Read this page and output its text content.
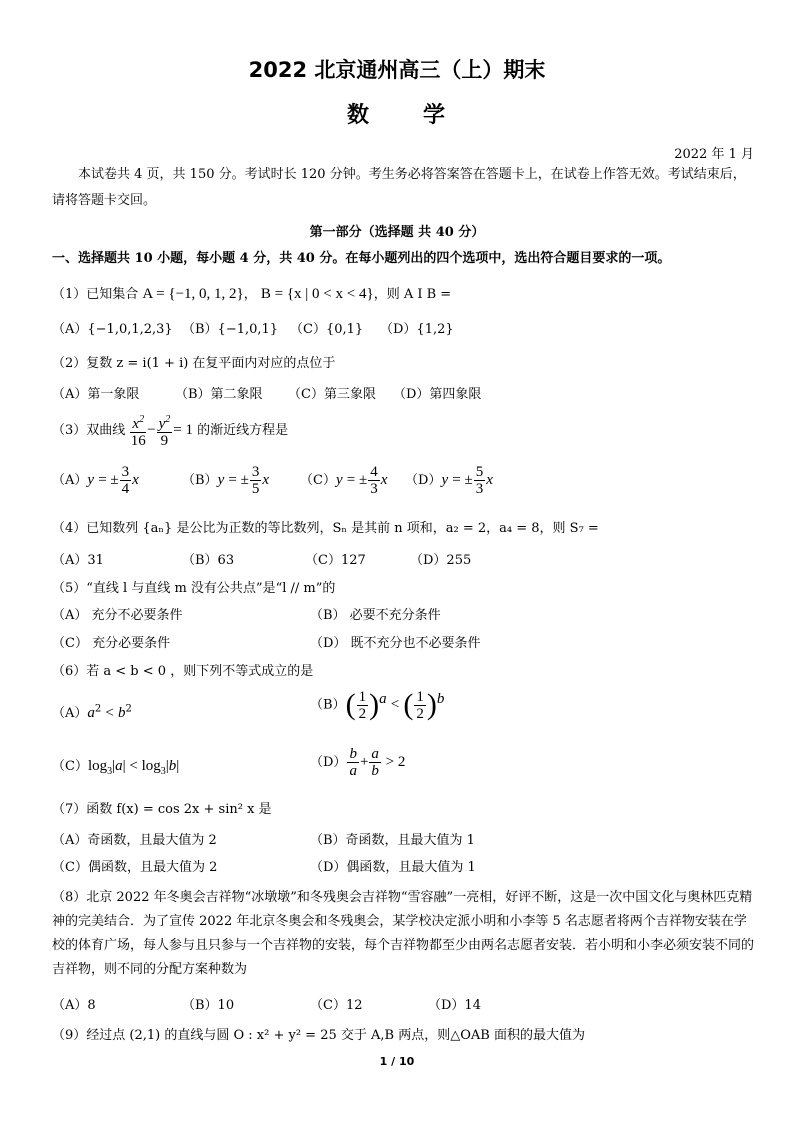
2022 北京通州高三（上）期末
数 学
2022 年 1 月
本试卷共 4 页，共 150 分。考试时长 120 分钟。考生务必将答案答在答题卡上，在试卷上作答无效。考试结束后，请将答题卡交回。
第一部分（选择题 共 40 分）
一、选择题共 10 小题，每小题 4 分，共 40 分。在每小题列出的四个选项中，选出符合题目要求的一项。
（1）已知集合 A = {−1, 0, 1, 2}， B = {x | 0 < x < 4}，则 A I B =
（A）{−1,0,1,2,3} （B）{−1,0,1} （C）{0,1} （D）{1,2}
（2）复数 z = i(1 + i) 在复平面内对应的点位于
（A）第一象限	（B）第二象限 （C）第三象限 （D）第四象限
（3）双曲线 $\frac{x^2}{16} - \frac{y^2}{9} = 1$ 的渐近线方程是
（A）y = ± $\frac{3}{4}$ x	（B）y = ± $\frac{3}{5}$ x （C）y = ± $\frac{4}{3}$ x （D）y = ± $\frac{5}{3}$ x
（4）已知数列 {aₙ} 是公比为正数的等比数列，Sₙ 是其前 n 项和，a₂ = 2，a₄ = 8，则 S₇ =
（A）31	（B）63	（C）127	（D）255
（5）“直线 l 与直线 m 没有公共点”是“l // m”的
（A） 充分不必要条件	（B） 必要不充分条件
（C） 充分必要条件	（D） 既不充分也不必要条件
（6）若 a < b < 0 ，则下列不等式成立的是
$(A)a^2 < b^2$	$(B)( \frac{1}{2} )^a$ < ( $\frac{1}{2} )^b$
$(C)\log_3|a| < \log_3|b|$	$(D) \frac{b}{a} + \frac{a}{b} > 2$
（7）函数 f(x) = cos 2x + sin² x 是
（A）奇函数，且最大值为 2	（B）奇函数，且最大值为 1
（C）偶函数，且最大值为 2	（D）偶函数，且最大值为 1
（8）北京 2022 年冬奥会吉祥物“冰墩墩”和冬残奥会吉祥物“雪容融”一亮相，好评不断，这是一次中国文化与奥林匹克精神的完美结合．为了宣传 2022 年北京冬奥会和冬残奥会，某学校决定派小明和小李等 5 名志愿者将两个吉祥物安装在学校的体育广场，每人参与且只参与一个吉祥物的安装，每个吉祥物都至少由两名志愿者安装．若小明和小李必须安装不同的吉祥物，则不同的分配方案种数为
（A）8	（B）10	（C）12	（D）14
（9）经过点 (2,1) 的直线与圆 O : x² + y² = 25 交于 A,B 两点，则△OAB 面积的最大值为
1 / 10
